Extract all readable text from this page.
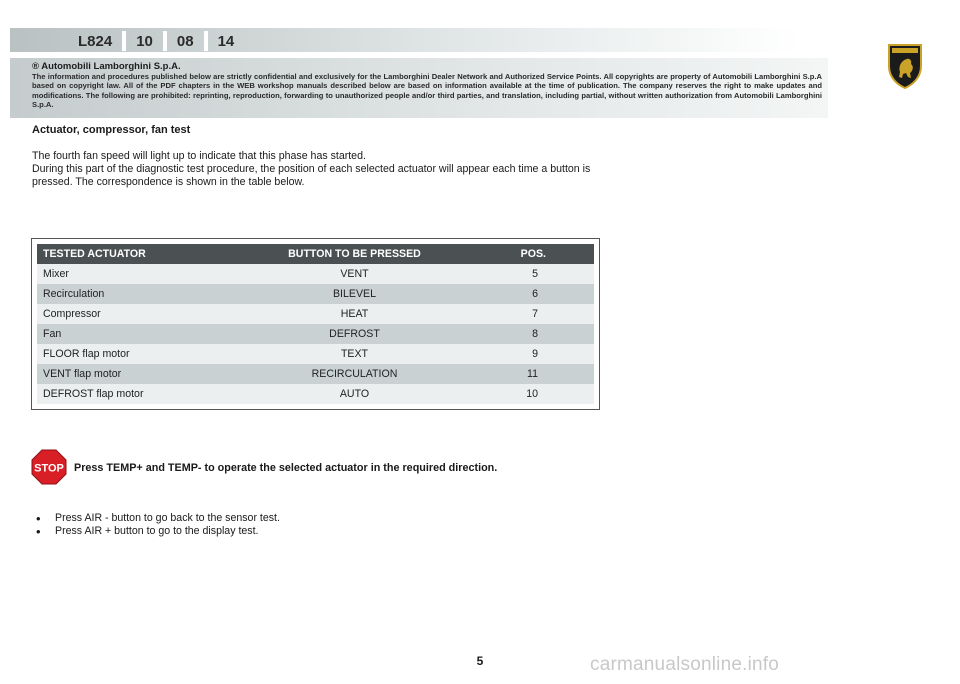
L824	10	08	14
® Automobili Lamborghini S.p.A.
The information and procedures published below are strictly confidential and exclusively for the Lamborghini Dealer Network and Authorized Service Points. All copyrights are property of Automobili Lamborghini S.p.A based on copyright law. All of the PDF chapters in the WEB workshop manuals described below are based on information available at the time of publication. The company reserves the right to make updates and modifications. The following are prohibited: reprinting, reproduction, forwarding to unauthorized people and/or third parties, and translation, including partial, without written authorization from Automobili Lamborghini S.p.A.
Actuator, compressor, fan test

The fourth fan speed will light up to indicate that this phase has started.

During this part of the diagnostic test procedure, the position of each selected actuator will appear each time a button is pressed. The correspondence is shown in the table below.

TESTED ACTUATOR	BUTTON TO BE PRESSED	POS.
Mixer	VENT	5
Recirculation	BILEVEL	6
Compressor	HEAT	7
Fan	DEFROST	8
FLOOR flap motor	TEXT	9
VENT flap motor	RECIRCULATION	11
DEFROST flap motor	AUTO	10
STOP Press TEMP+ and TEMP- to operate the selected actuator in the required direction.
•	Press AIR - button to go back to the sensor test.
•	Press AIR + button to go to the display test.
5	carmanualsonline.info
